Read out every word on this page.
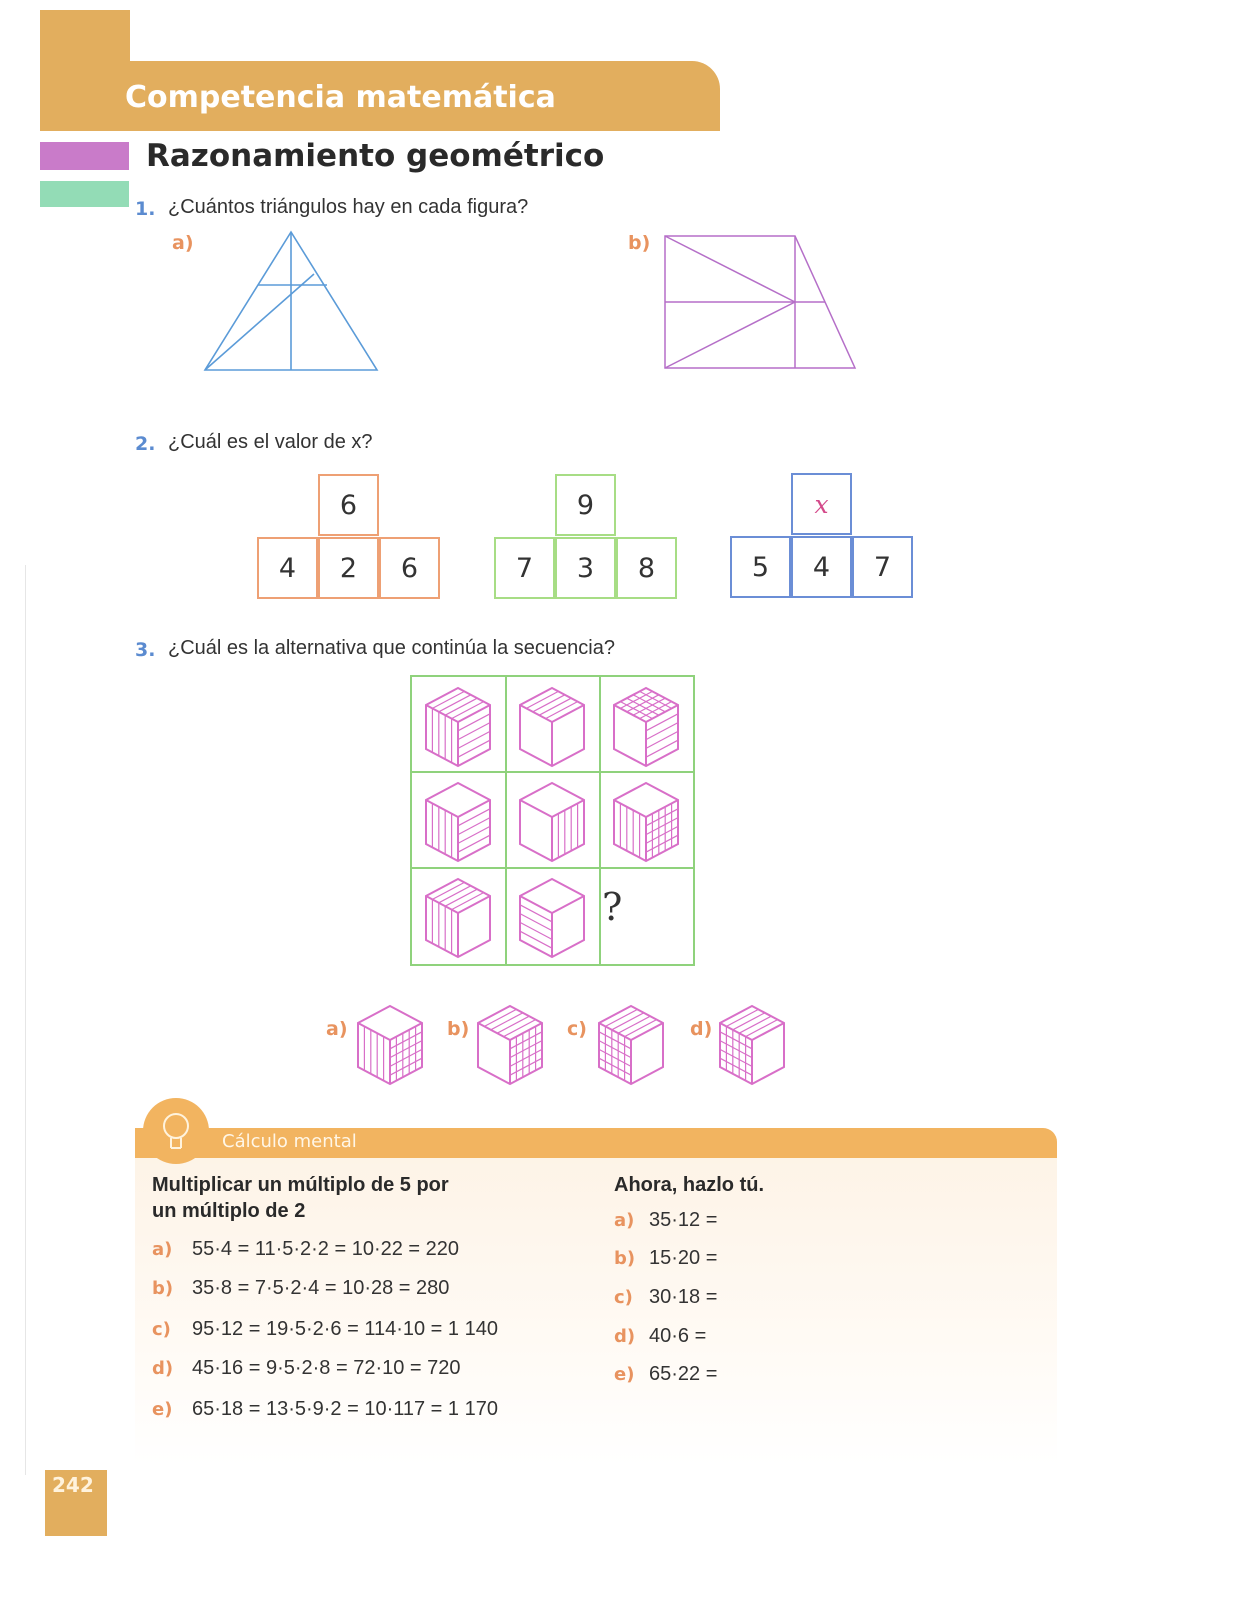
Competencia matemática
Razonamiento geométrico
1. ¿Cuántos triángulos hay en cada figura?
a)	b)
2. ¿Cuál es el valor de x?
6
4	2	6
9
7	3	8
x
5	4	7
3. ¿Cuál es la alternativa que continúa la secuencia?
?
a)	b)	c)	d)
Cálculo mental
Multiplicar un múltiplo de 5 por
un múltiplo de 2
a) 55·4 = 11·5·2·2 = 10·22 = 220
b) 35·8 = 7·5·2·4 = 10·28 = 280
c) 95·12 = 19·5·2·6 = 114·10 = 1 140
d) 45·16 = 9·5·2·8 = 72·10 = 720
e) 65·18 = 13·5·9·2 = 10·117 = 1 170
Ahora, hazlo tú.
a) 35·12 =
b) 15·20 =
c) 30·18 =
d) 40·6 =
e) 65·22 =
242
